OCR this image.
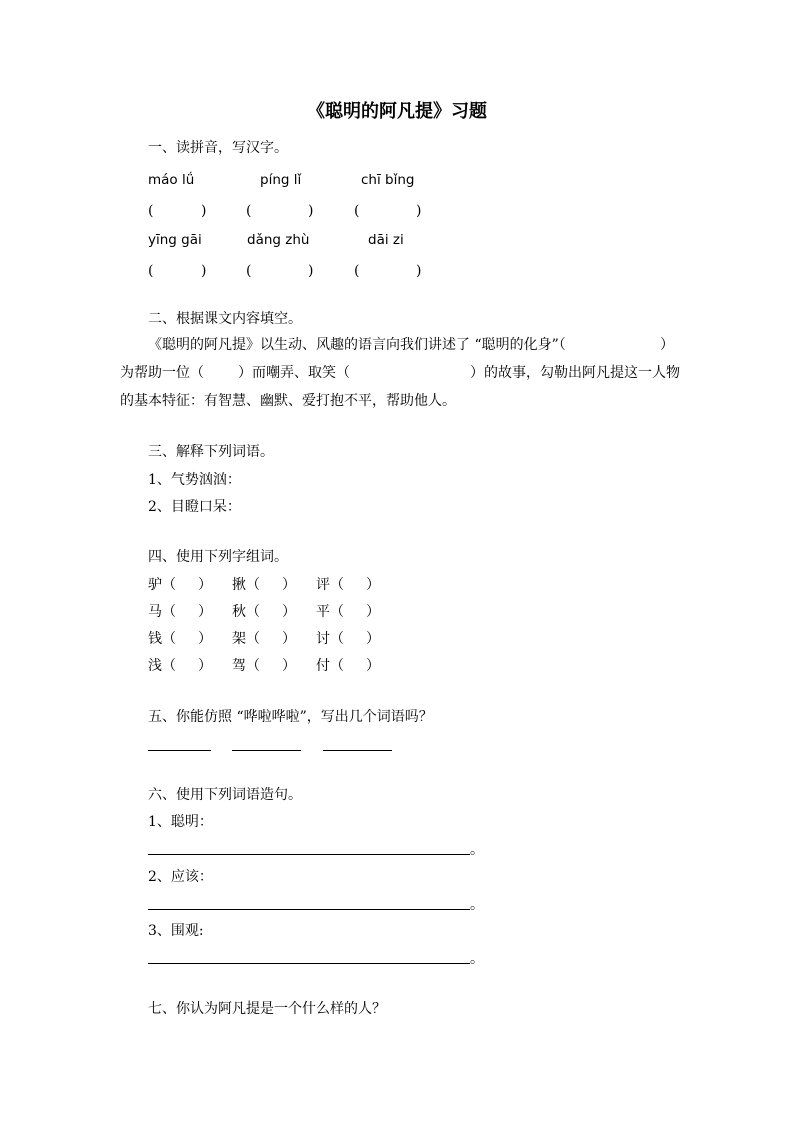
《聪明的阿凡提》习题
一、读拼音，写汉字。
máo lǘ	píng lǐ	chī bǐng
(	)	(	)	(	)
yīng gāi	dǎng zhù	dāi zi
(	)	(	)	(	)
二、根据课文内容填空。
《聪明的阿凡提》以生动、风趣的语言向我们讲述了 “聪明的化身”（	）
为帮助一位（ ）而嘲弄、取笑（	）的故事，勾勒出阿凡提这一人物
的基本特征：有智慧、幽默、爱打抱不平，帮助他人。
三、解释下列词语。
1、气势汹汹：
2、目瞪口呆：
四、使用下列字组词。
驴（ ） 揪（ ） 评（ ）
马（ ） 秋（ ） 平（ ）
钱（ ） 架（ ） 讨（ ）
浅（ ） 驾（ ） 付（ ）
五、你能仿照 “哗啦哗啦”，写出几个词语吗？
六、使用下列词语造句。
1、聪明：
。
2、应该：
。
3、围观:
。
七、你认为阿凡提是一个什么样的人？
